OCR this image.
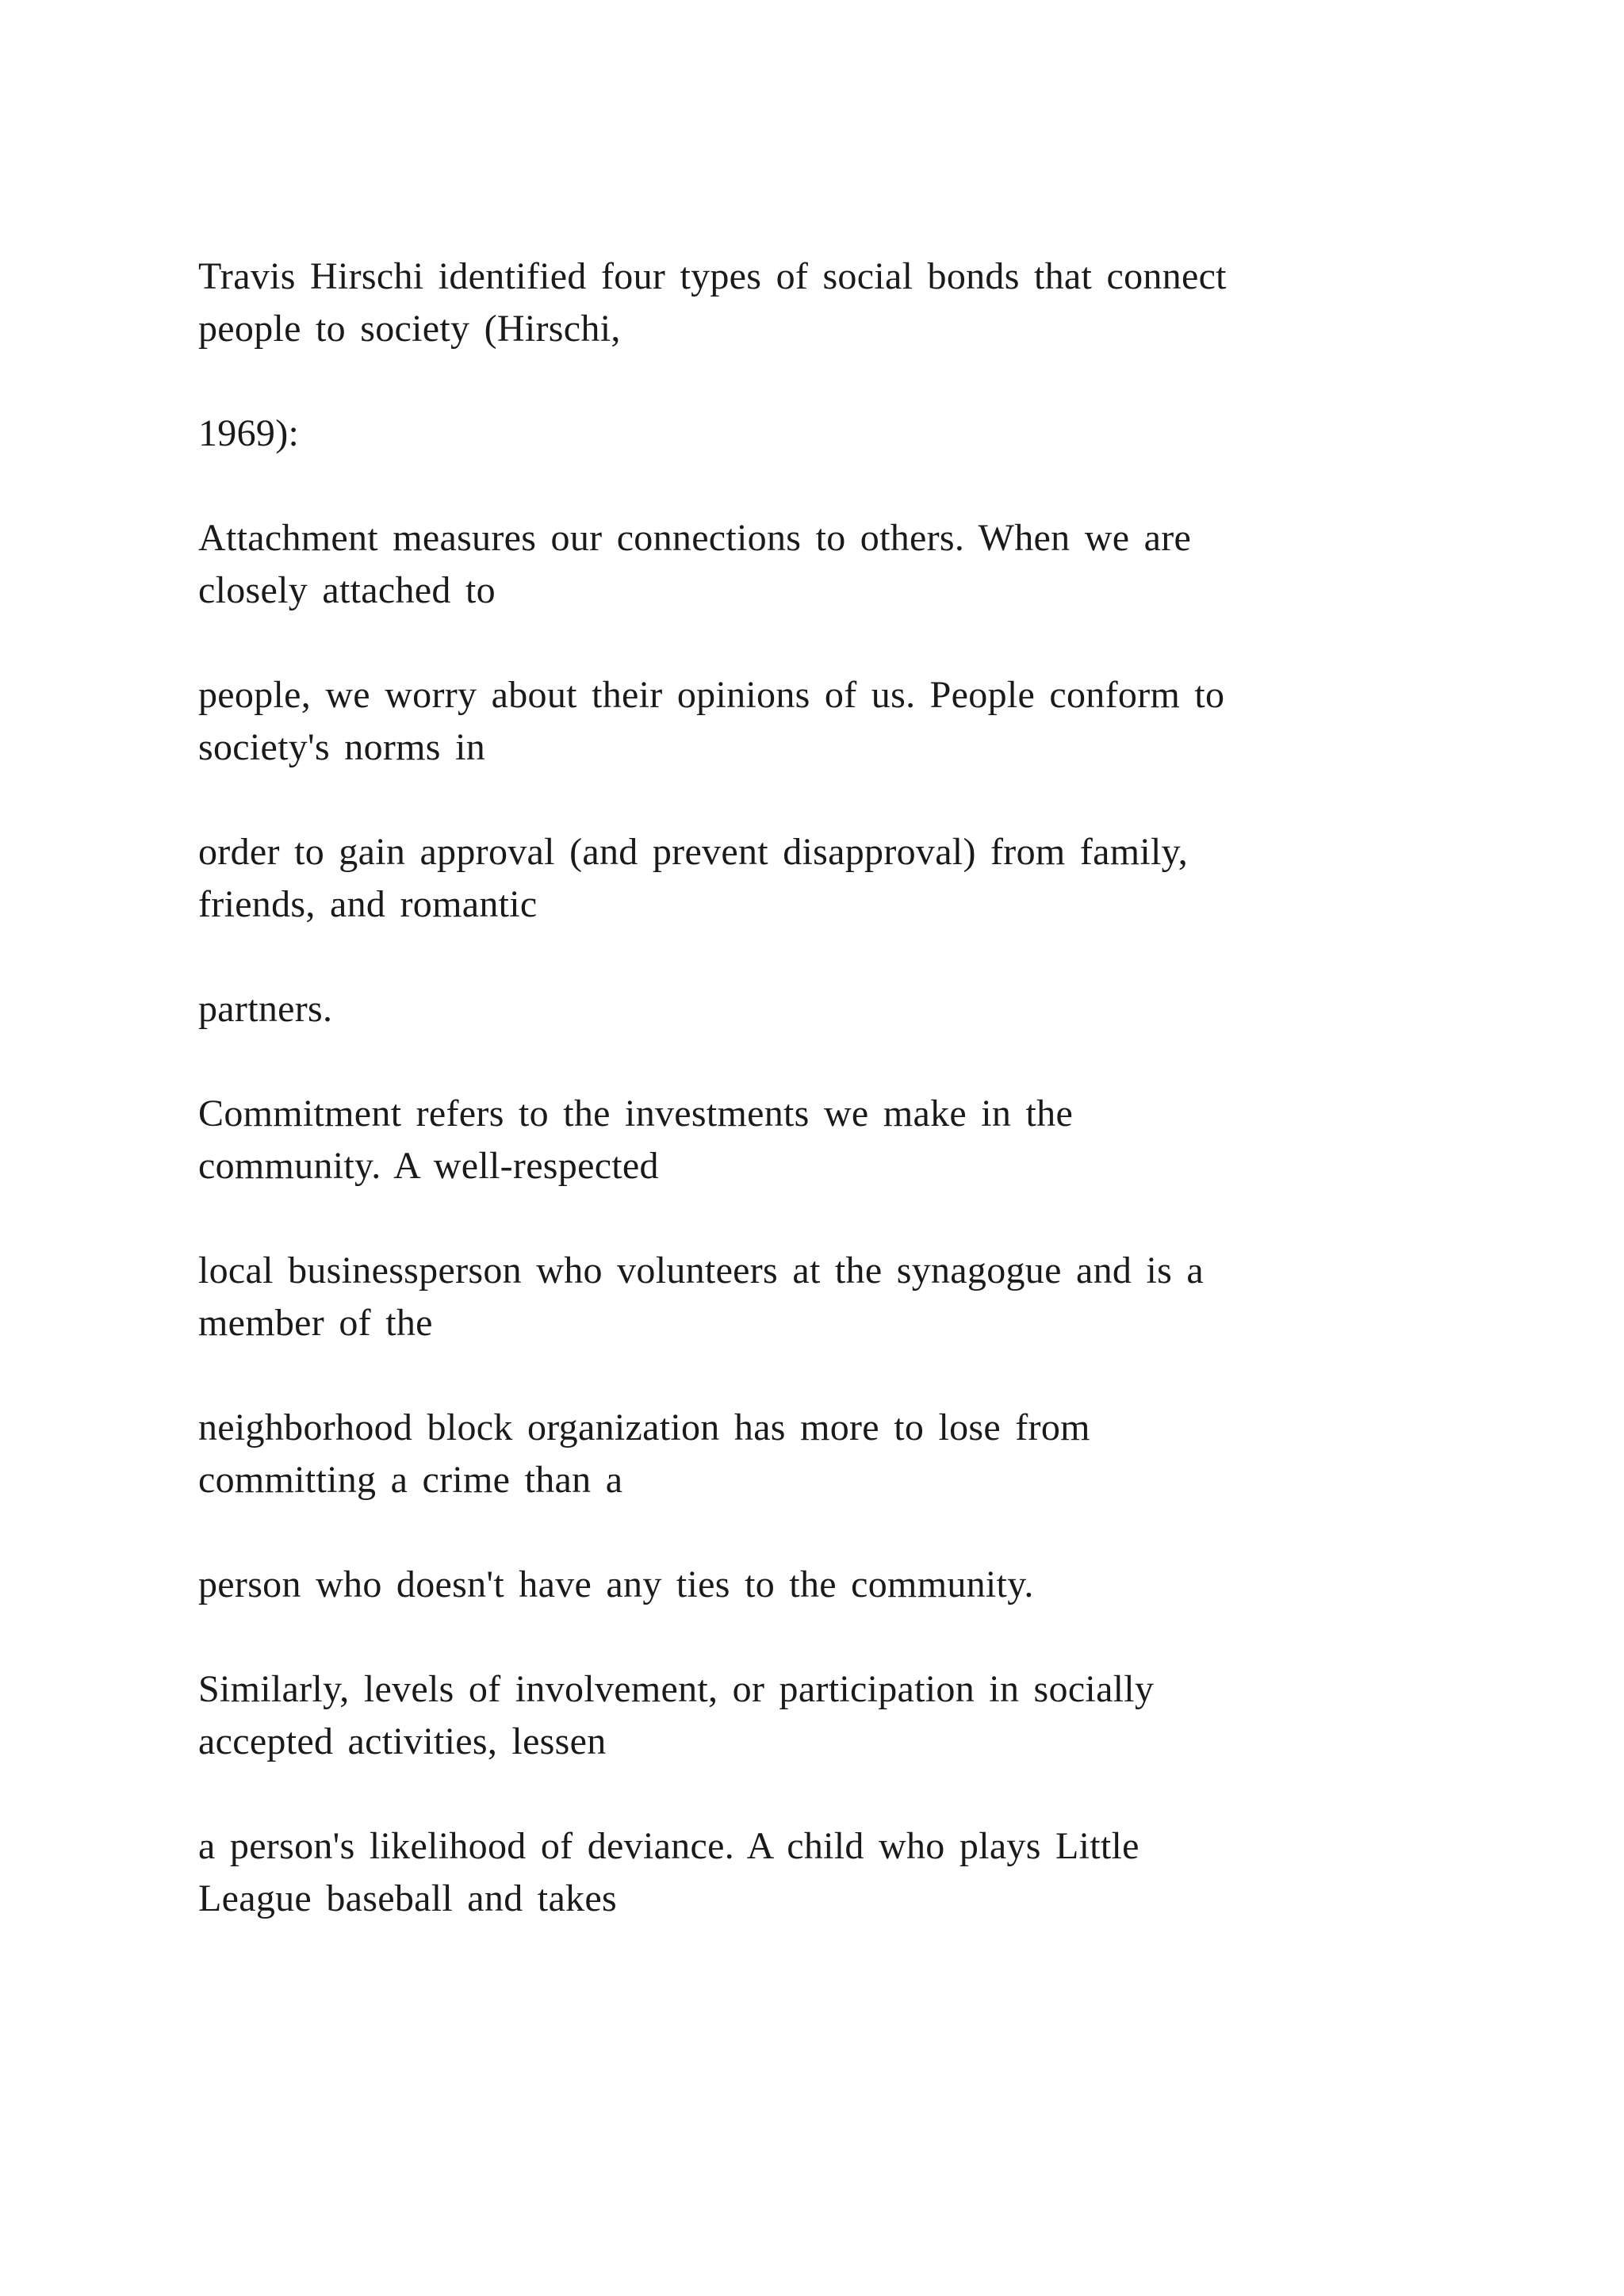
Travis Hirschi identified four types of social bonds that connect
people to society (Hirschi,

1969):

Attachment measures our connections to others. When we are
closely attached to

people, we worry about their opinions of us. People conform to
society's norms in

order to gain approval (and prevent disapproval) from family,
friends, and romantic

partners.

Commitment refers to the investments we make in the
community. A well-respected

local businessperson who volunteers at the synagogue and is a
member of the

neighborhood block organization has more to lose from
committing a crime than a

person who doesn't have any ties to the community.

Similarly, levels of involvement, or participation in socially
accepted activities, lessen

a person's likelihood of deviance. A child who plays Little
League baseball and takes
